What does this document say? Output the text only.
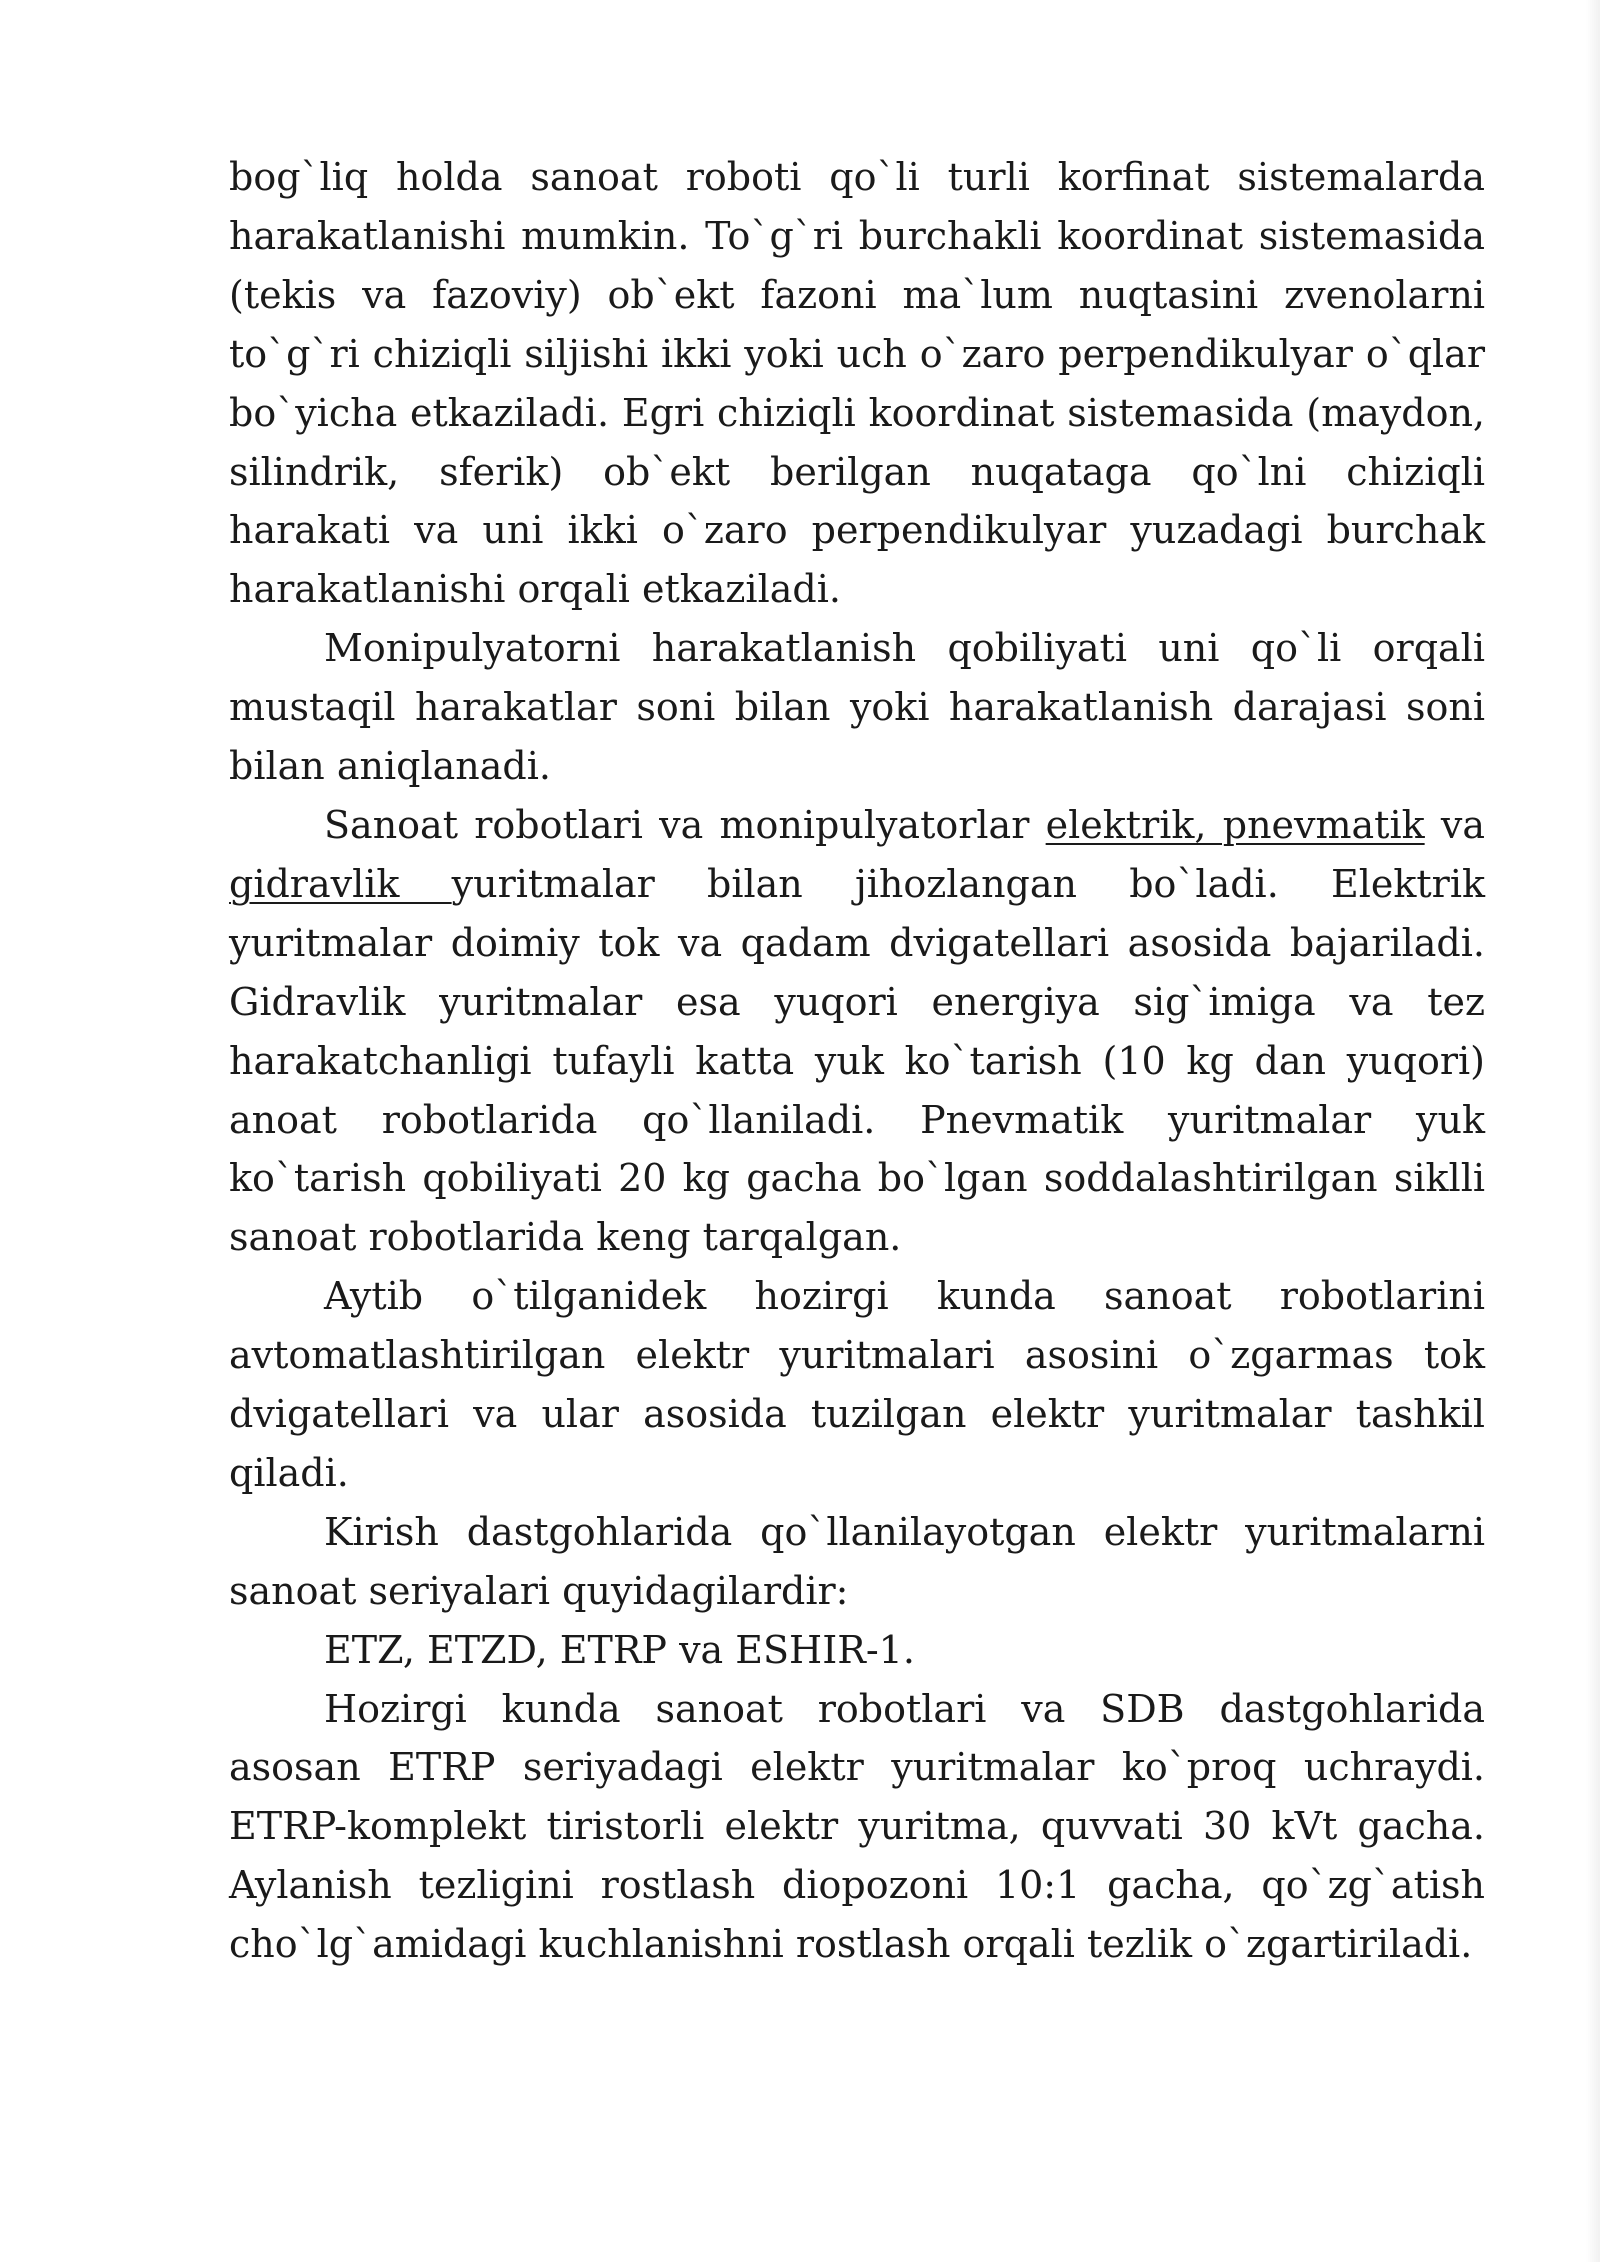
bog`liq holda sanoat roboti qo`li turli korfinat sistemalarda harakatlanishi mumkin. To`g`ri burchakli koordinat sistemasida (tekis va fazoviy) ob`ekt fazoni ma`lum nuqtasini zvenolarni to`g`ri chiziqli siljishi ikki yoki uch o`zaro perpendikulyar o`qlar bo`yicha etkaziladi. Egri chiziqli koordinat sistemasida (maydon, silindrik, sferik) ob`ekt berilgan nuqataga qo`lni chiziqli harakati va uni ikki o`zaro perpendikulyar yuzadagi burchak harakatlanishi orqali etkaziladi.

Monipulyatorni harakatlanish qobiliyati uni qo`li orqali mustaqil harakatlar soni bilan yoki harakatlanish darajasi soni bilan aniqlanadi.

Sanoat robotlari va monipulyatorlar elektrik, pnevmatik va gidravlik yuritmalar bilan jihozlangan bo`ladi. Elektrik yuritmalar doimiy tok va qadam dvigatellari asosida bajariladi. Gidravlik yuritmalar esa yuqori energiya sig`imiga va tez harakatchanligi tufayli katta yuk ko`tarish (10 kg dan yuqori) anoat robotlarida qo`llaniladi. Pnevmatik yuritmalar yuk ko`tarish qobiliyati 20 kg gacha bo`lgan soddalashtirilgan siklli sanoat robotlarida keng tarqalgan.

Aytib o`tilganidek hozirgi kunda sanoat robotlarini avtomatlashtirilgan elektr yuritmalari asosini o`zgarmas tok dvigatellari va ular asosida tuzilgan elektr yuritmalar tashkil qiladi.

Kirish dastgohlarida qo`llanilayotgan elektr yuritmalarni sanoat seriyalari quyidagilardir:

ETZ, ETZD, ETRP va ESHIR-1.

Hozirgi kunda sanoat robotlari va SDB dastgohlarida asosan ETRP seriyadagi elektr yuritmalar ko`proq uchraydi. ETRP-komplekt tiristorli elektr yuritma, quvvati 30 kVt gacha. Aylanish tezligini rostlash diopozoni 10:1 gacha, qo`zg`atish cho`lg`amidagi kuchlanishni rostlash orqali tezlik o`zgartiriladi.
